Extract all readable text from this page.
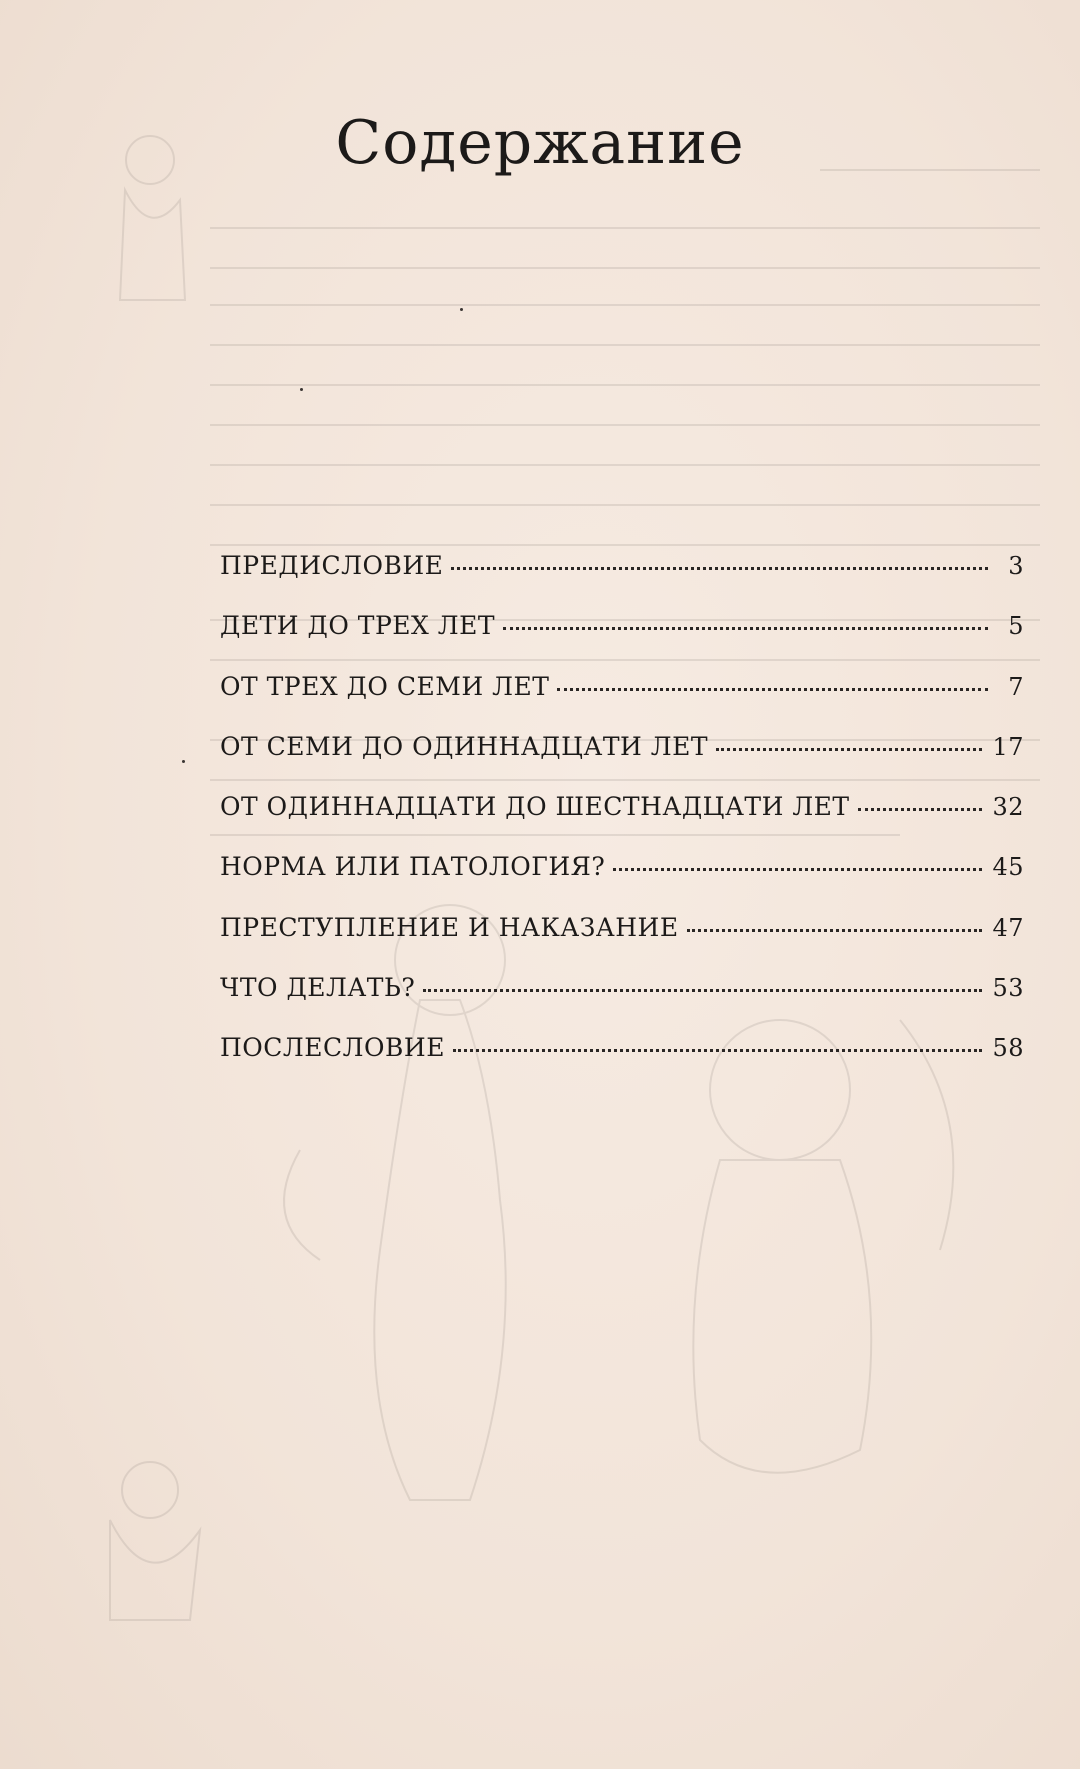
Содержание
ПРЕДИСЛОВИЕ	3
ДЕТИ ДО ТРЕХ ЛЕТ	5
ОТ ТРЕХ ДО СЕМИ ЛЕТ	7
ОТ СЕМИ ДО ОДИННАДЦАТИ ЛЕТ	17
ОТ ОДИННАДЦАТИ ДО ШЕСТНАДЦАТИ ЛЕТ	32
НОРМА ИЛИ ПАТОЛОГИЯ?	45
ПРЕСТУПЛЕНИЕ И НАКАЗАНИЕ	47
ЧТО ДЕЛАТЬ?	53
ПОСЛЕСЛОВИЕ	58
